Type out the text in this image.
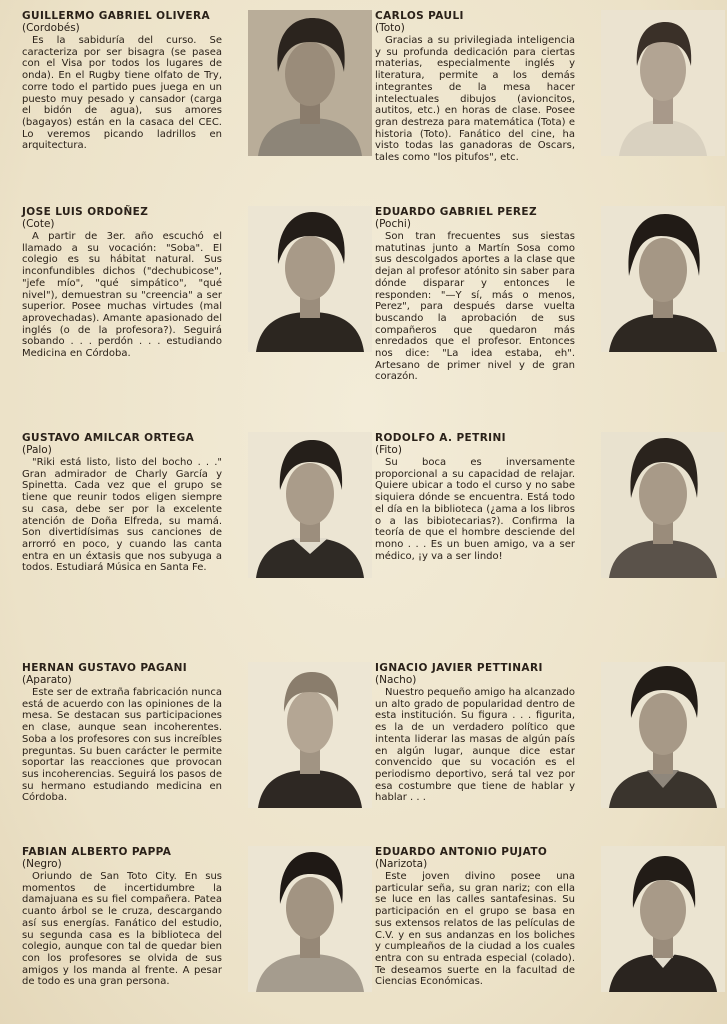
GUILLERMO GABRIEL OLIVERA
(Cordobés)

Es la sabiduría del curso. Se caracteriza por ser bisagra (se pasea con el Visa por todos los lugares de onda). En el Rugby tiene olfato de Try, corre todo el partido pues juega en un puesto muy pesado y cansador (carga el bidón de agua), sus amores (bagayos) están en la casaca del CEC. Lo veremos picando ladrillos en arquitectura.

CARLOS PAULI
(Toto)

Gracias a su privilegiada inteligencia y su profunda dedicación para ciertas materias, especialmente inglés y literatura, permite a los demás integrantes de la mesa hacer intelectuales dibujos (avioncitos, autitos, etc.) en horas de clase. Posee gran destreza para matemática (Tota) e historia (Toto). Fanático del cine, ha visto todas las ganadoras de Oscars, tales como "los pitufos", etc.

JOSE LUIS ORDOÑEZ
(Cote)

A partir de 3er. año escuchó el llamado a su vocación: "Soba". El colegio es su hábitat natural. Sus inconfundibles dichos ("dechubicose", "jefe mío", "qué simpático", "qué nivel"), demuestran su "creencia" a ser superior. Posee muchas virtudes (mal aprovechadas). Amante apasionado del inglés (o de la profesora?). Seguirá sobando . . . perdón . . . estudiando Medicina en Córdoba.

EDUARDO GABRIEL PEREZ
(Pochi)

Son tran frecuentes sus siestas matutinas junto a Martín Sosa como sus descolgados aportes a la clase que dejan al profesor atónito sin saber para dónde disparar y entonces le responden: "—Y sí, más o menos, Perez", para después darse vuelta buscando la aprobación de sus compañeros que quedaron más enredados que el profesor. Entonces nos dice: "La idea estaba, eh". Artesano de primer nivel y de gran corazón.

GUSTAVO AMILCAR ORTEGA
(Palo)

"Riki está listo, listo del bocho . . ." Gran admirador de Charly García y Spinetta. Cada vez que el grupo se tiene que reunir todos eligen siempre su casa, debe ser por la excelente atención de Doña Elfreda, su mamá. Son divertidísimas sus canciones de arrorró en poco, y cuando las canta entra en un éxtasis que nos subyuga a todos. Estudiará Música en Santa Fe.

RODOLFO A. PETRINI
(Fito)

Su boca es inversamente proporcional a su capacidad de relajar. Quiere ubicar a todo el curso y no sabe siquiera dónde se encuentra. Está todo el día en la biblioteca (¿ama a los libros o a las bibiotecarias?). Confirma la teoría de que el hombre desciende del mono . . . Es un buen amigo, va a ser médico, ¡y va a ser lindo!

HERNAN GUSTAVO PAGANI
(Aparato)

Este ser de extraña fabricación nunca está de acuerdo con las opiniones de la mesa. Se destacan sus participaciones en clase, aunque sean incoherentes. Soba a los profesores con sus increíbles preguntas. Su buen carácter le permite soportar las reacciones que provocan sus incoherencias. Seguirá los pasos de su hermano estudiando medicina en Córdoba.

IGNACIO JAVIER PETTINARI
(Nacho)

Nuestro pequeño amigo ha alcanzado un alto grado de popularidad dentro de esta institución. Su figura . . . figurita, es la de un verdadero político que intenta liderar las masas de algún país en algún lugar, aunque dice estar convencido que su vocación es el periodismo deportivo, será tal vez por esa costumbre que tiene de hablar y hablar . . .

FABIAN ALBERTO PAPPA
(Negro)

Oriundo de San Toto City. En sus momentos de incertidumbre la damajuana es su fiel compañera. Patea cuanto árbol se le cruza, descargando así sus energías. Fanático del estudio, su segunda casa es la biblioteca del colegio, aunque con tal de quedar bien con los profesores se olvida de sus amigos y los manda al frente. A pesar de todo es una gran persona.

EDUARDO ANTONIO PUJATO
(Narizota)

Este joven divino posee una particular seña, su gran nariz; con ella se luce en las calles santafesinas. Su participación en el grupo se basa en sus extensos relatos de las películas de C.V. y en sus andanzas en los boliches y cumpleaños de la ciudad a los cuales entra con su entrada especial (colado). Te deseamos suerte en la facultad de Ciencias Económicas.
